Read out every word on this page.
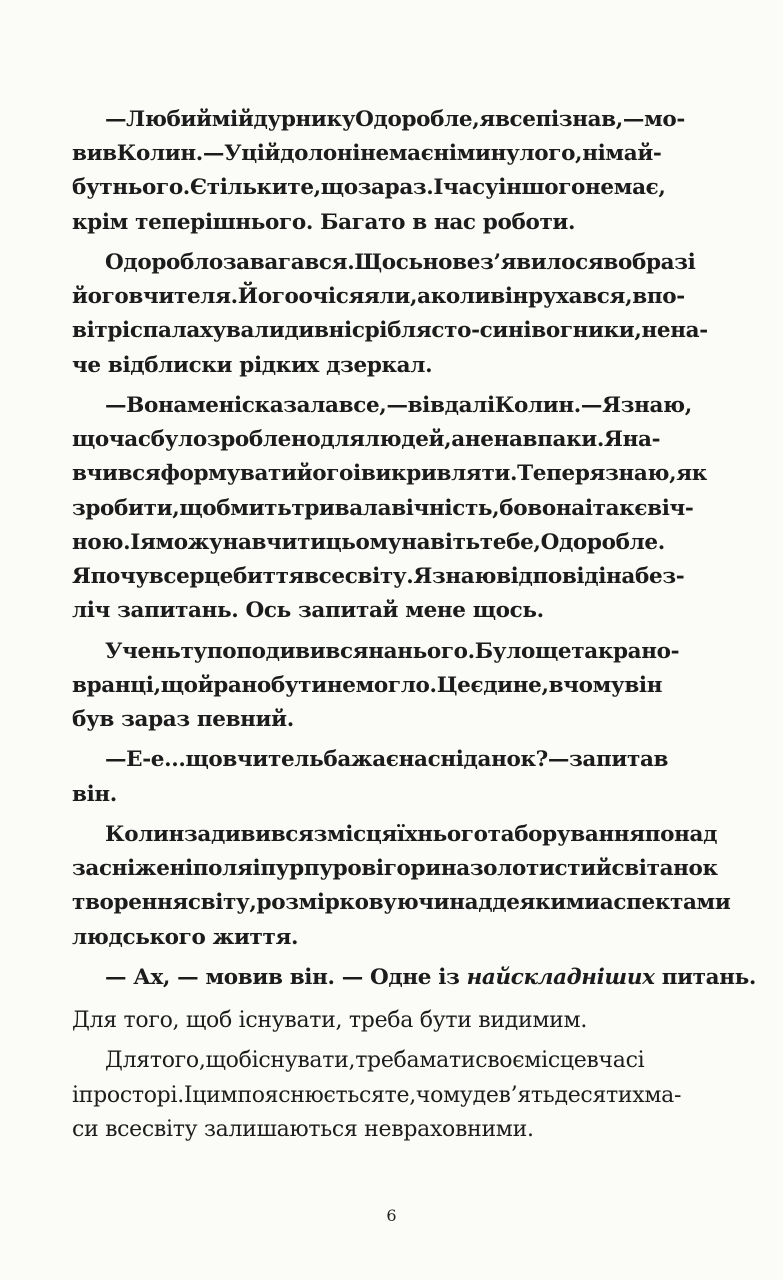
—ЛюбиймійдурникуОдоробле,явсепізнав,—мо-
вивКолин.—Уційдолонінемаєніминулого,німай-
бутнього.Єтільките,щозараз.Ічасуіншогонемає,
крім теперішнього. Багато в нас роботи.
Одороблозавагався.Щосьновез’явилосявобразі
йоговчителя.Йогоочісяяли,аколивінрухався,впо-
вітріспалахувалидивнісріблясто-синівогники,нена-
че відблиски рідких дзеркал.
—Вонаменісказалавсе,—вівдаліКолин.—Язнаю,
щочасбулозробленодлялюдей,аненавпаки.Яна-
вчивсяформуватийогоівикривляти.Теперязнаю,як
зробити,щобмитьтривалавічність,бовонаітакєвіч-
ною.Іяможунавчитицьомунавітьтебе,Одоробле.
Япочувсерцебиттявсесвіту.Язнаювідповідінабез-
ліч запитань. Ось запитай мене щось.
Ученьтупоподививсянанього.Булощетакрано-
вранці,щойранобутинемогло.Цеєдине,вчомувін
був зараз певний.
—Е-е...щовчительбажаєнасніданок?—запитав
він.
Колинзадививсязмісцяїхньоготаборуванняпонад
засніженіполяіпурпуровігориназолотистийсвітанок
твореннясвіту,розмірковуючинаддеякимиаспектами
людського життя.
— Ах, — мовив він. — Одне із найскладніших питань.
Для того, щоб існувати, треба бути видимим.
Длятого,щобіснувати,требаматисвоємісцевчасі
іпросторі.Іцимпояснюєтьсяте,чомудев’ятьдесятихма-
си всесвіту залишаються невраховними.
6
